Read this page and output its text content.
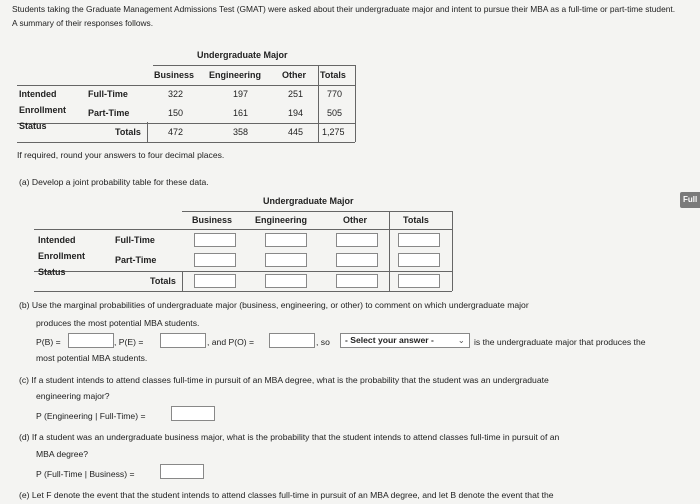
Students taking the Graduate Management Admissions Test (GMAT) were asked about their undergraduate major and intent to pursue their MBA as a full-time or part-time student. A summary of their responses follows.
Undergraduate Major
Business Engineering Other Totals
Intended
Enrollment
Status
Full-Time	322	197	251	770
Part-Time	150	161	194	505
Totals	472	358	445 1,275
If required, round your answers to four decimal places.
(a) Develop a joint probability table for these data.
Undergraduate Major
Business	Engineering	Other	Totals
Intended
Enrollment
Status
Full-Time
Part-Time
Totals
Full
(b) Use the marginal probabilities of undergraduate major (business, engineering, or other) to comment on which undergraduate major
produces the most potential MBA students.
P(B) =	, P(E) =	, and P(O) =	, so	- Select your answer -	⌄ is the undergraduate major that produces the
most potential MBA students.
(c) If a student intends to attend classes full-time in pursuit of an MBA degree, what is the probability that the student was an undergraduate
engineering major?
P (Engineering | Full-Time) =
(d) If a student was an undergraduate business major, what is the probability that the student intends to attend classes full-time in pursuit of an
MBA degree?
P (Full-Time | Business) =
(e) Let F denote the event that the student intends to attend classes full-time in pursuit of an MBA degree, and let B denote the event that the
